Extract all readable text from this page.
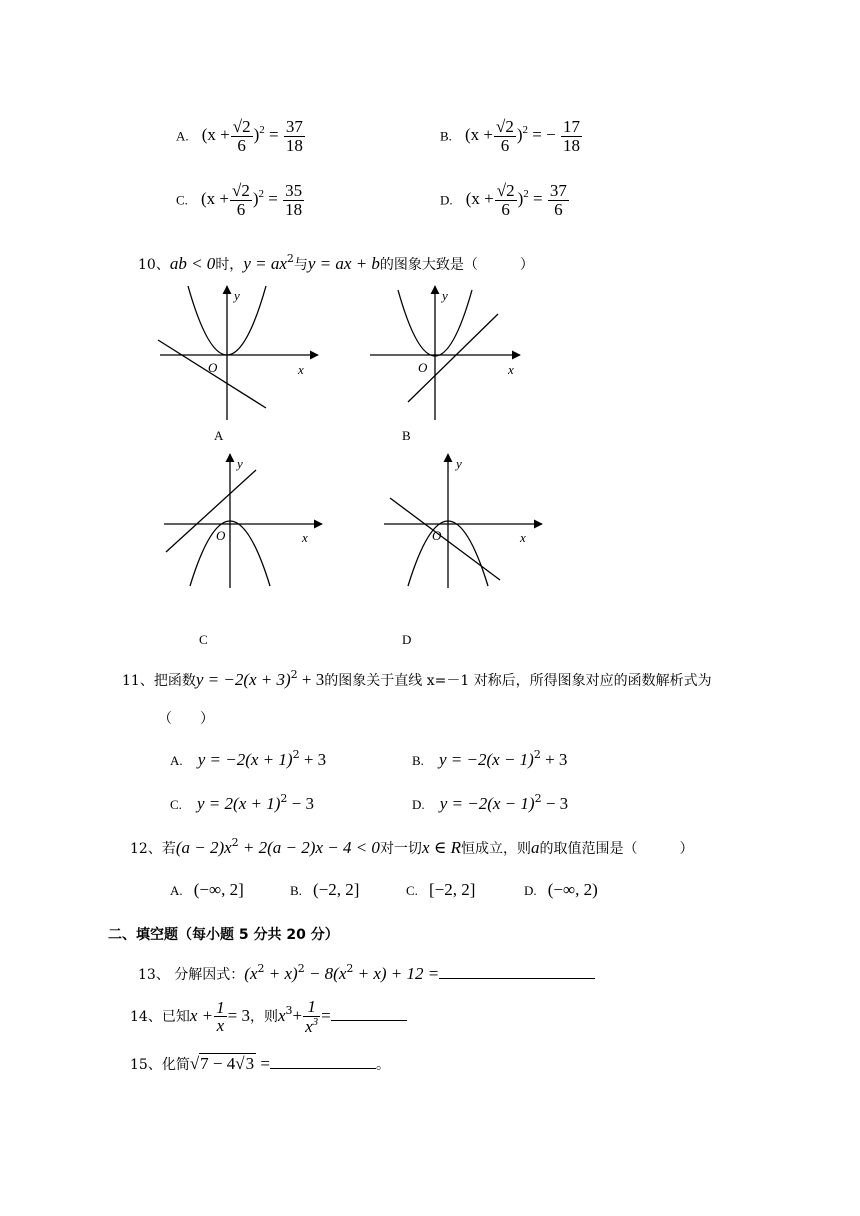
A. $(x + \frac{√2}{6} )^2 = \frac{37}{18}$	B. $(x + \frac{√2}{6} )^2$ = − $\frac{17}{18}$
C. $(x + \frac{√2}{6} )^2 = \frac{35}{18}$	D. $(x + \frac{√2}{6} )^2 = \frac{37}{6}$
10、ab < 0时，$y = ax^2$与y = ax + b的图象大致是（　　　）
y
x
O
A
y
x
O
B
y
x
O
C
y
x
O
D
11、把函数$y = -2(x + 3)^2 + 3$的图象关于直线 x=－1 对称后，所得图象对应的函数解析式为
（　　）
A. $y = -2(x + 1)^2 + 3$	B. $y = -2(x - 1)^2 + 3$
C. $y = 2(x + 1)^2 - 3$	D. $y = -2(x - 1)^2 - 3$
12、若$(a - 2)x^2 + 2(a - 2)x - 4 < 0$对一切x ∈ R恒成立，则a的取值范围是（　　　）
A. (−∞, 2]	B. (−2, 2]	C. [−2, 2]	D. (−∞, 2)
二、填空题（每小题 5 分共 20 分）
13、 分解因式：$(x^2 + x)^2 - 8(x^2 + x) + 12$ =
14、已知$x + \frac{1}{x} = 3$，则$x^3+ \frac{1}{x^3}$ =
15、化简√7 − 4√3 =	。
